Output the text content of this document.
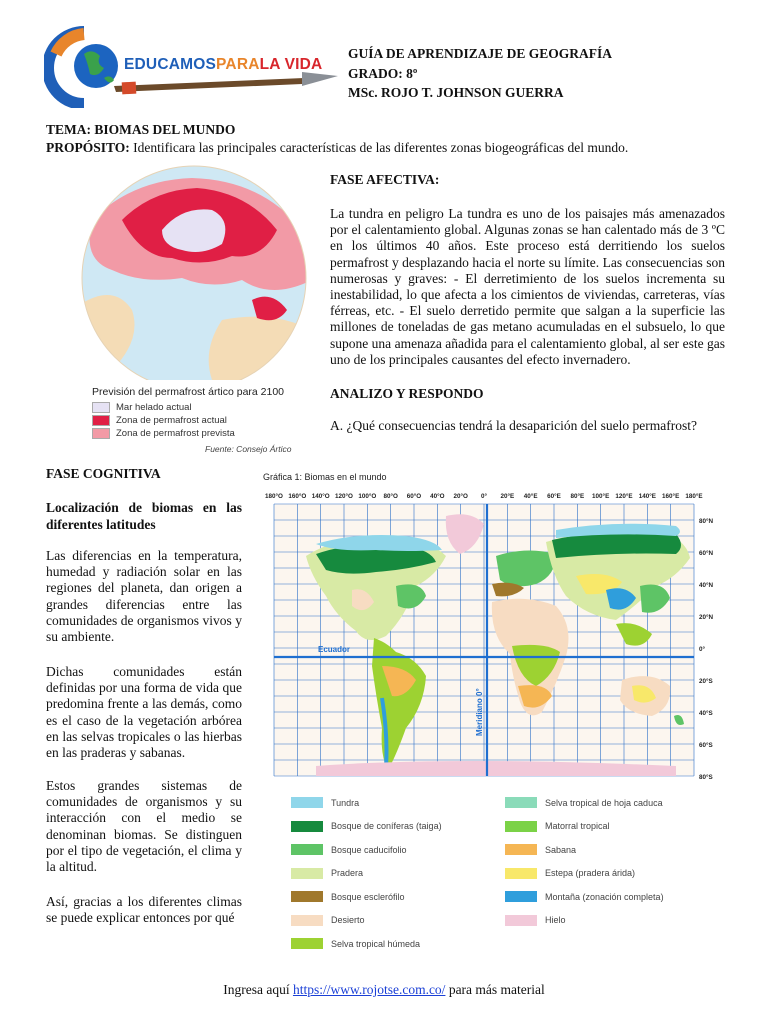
EDUCAMOSPARALA VIDA
GUÍA DE APRENDIZAJE DE GEOGRAFÍA
GRADO: 8º
MSc. ROJO T. JOHNSON GUERRA
TEMA: BIOMAS DEL MUNDO
PROPÓSITO: Identificara las principales características de las diferentes zonas biogeográficas del mundo.
Previsión del permafrost ártico para 2100
Mar helado actual
Zona de permafrost actual
Zona de permafrost prevista
Fuente: Consejo Ártico
FASE AFECTIVA:
La tundra en peligro La tundra es uno de los paisajes más amenazados por el calentamiento global. Algunas zonas se han calentado más de 3 ºC en los últimos 40 años. Este proceso está derritiendo los suelos permafrost y desplazando hacia el norte su límite. Las consecuencias son numerosas y graves: - El derretimiento de los suelos incrementa su inestabilidad, lo que afecta a los cimientos de viviendas, carreteras, vías férreas, etc. - El suelo derretido permite que salgan a la superficie las millones de toneladas de gas metano acumuladas en el subsuelo, lo que supone una amenaza añadida para el calentamiento global, al ser este gas uno de los principales causantes del efecto invernadero.
ANALIZO Y RESPONDO
A. ¿Qué consecuencias tendrá la desaparición del suelo permafrost?
FASE COGNITIVA
Localización de biomas en las diferentes latitudes
Las diferencias en la temperatura, humedad y radiación solar en las regiones del planeta, dan origen a grandes diferencias entre las comunidades de organismos vivos y su ambiente.
Dichas comunidades están definidas por una forma de vida que predomina frente a las demás, como es el caso de la vegetación arbórea en las selvas tropicales o las hierbas en las praderas y sabanas.
Estos grandes sistemas de comunidades de organismos y su interacción con el medio se denominan biomas. Se distinguen por el tipo de vegetación, el clima y la altitud.
Así, gracias a los diferentes climas se puede explicar entonces por qué
Ecuador
Meridiano 0°
180°O 160°O 140°O 120°O 100°O 80°O 60°O 40°O 20°O 0° 20°E 40°E 60°E 80°E 100°E 120°E 140°E 160°E 180°E
80°N
60°N
40°N
20°N
0°
20°S
40°S
60°S
80°S
Gráfica 1: Biomas en el mundo
Tundra
Bosque de coníferas (taiga)
Bosque caducifolio
Pradera
Bosque esclerófilo
Desierto
Selva tropical húmeda
Selva tropical de hoja caduca
Matorral tropical
Sabana
Estepa (pradera árida)
Montaña (zonación completa)
Hielo
Ingresa aquí https://www.rojotse.com.co/ para más material
